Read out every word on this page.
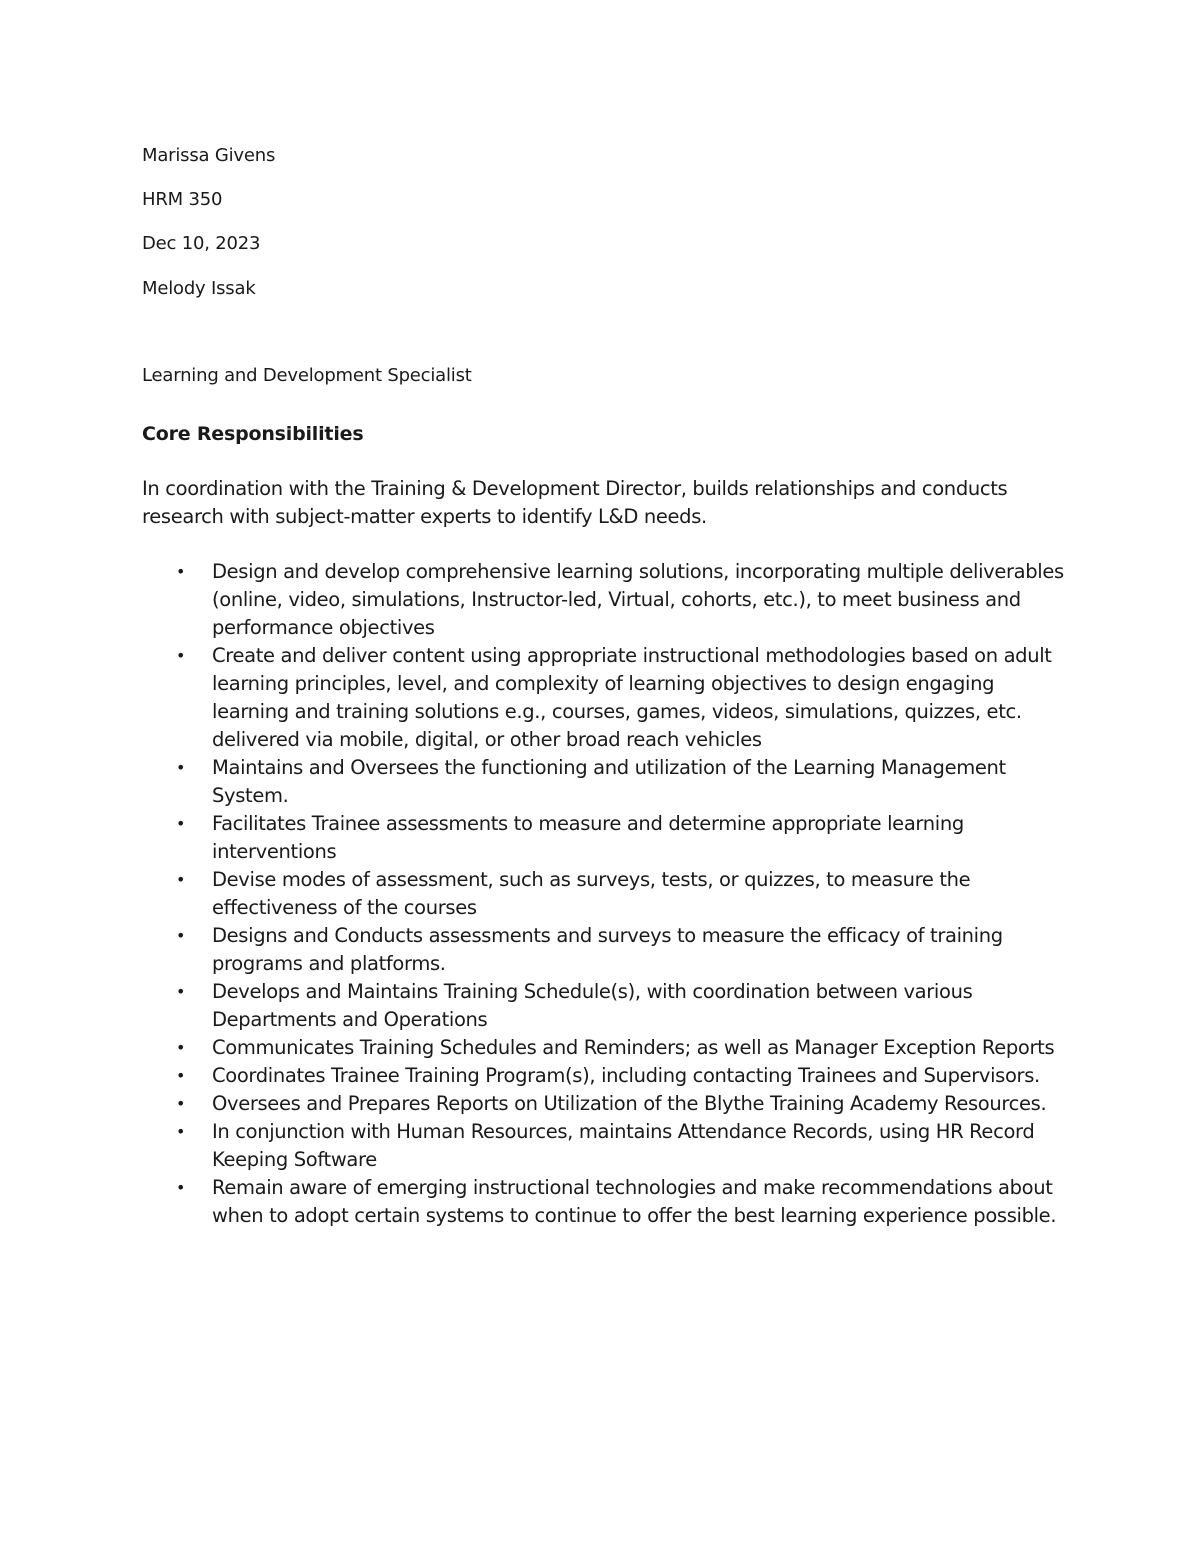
Marissa Givens
HRM 350
Dec 10, 2023
Melody Issak
Learning and Development Specialist
Core Responsibilities
In coordination with the Training & Development Director, builds relationships and conducts research with subject-matter experts to identify L&D needs.
• Design and develop comprehensive learning solutions, incorporating multiple deliverables (online, video, simulations, Instructor-led, Virtual, cohorts, etc.), to meet business and performance objectives
• Create and deliver content using appropriate instructional methodologies based on adult learning principles, level, and complexity of learning objectives to design engaging learning and training solutions e.g., courses, games, videos, simulations, quizzes, etc. delivered via mobile, digital, or other broad reach vehicles
• Maintains and Oversees the functioning and utilization of the Learning Management System.
• Facilitates Trainee assessments to measure and determine appropriate learning interventions
• Devise modes of assessment, such as surveys, tests, or quizzes, to measure the effectiveness of the courses
• Designs and Conducts assessments and surveys to measure the efficacy of training programs and platforms.
• Develops and Maintains Training Schedule(s), with coordination between various Departments and Operations
• Communicates Training Schedules and Reminders; as well as Manager Exception Reports
• Coordinates Trainee Training Program(s), including contacting Trainees and Supervisors.
• Oversees and Prepares Reports on Utilization of the Blythe Training Academy Resources.
• In conjunction with Human Resources, maintains Attendance Records, using HR Record Keeping Software
• Remain aware of emerging instructional technologies and make recommendations about when to adopt certain systems to continue to offer the best learning experience possible.
